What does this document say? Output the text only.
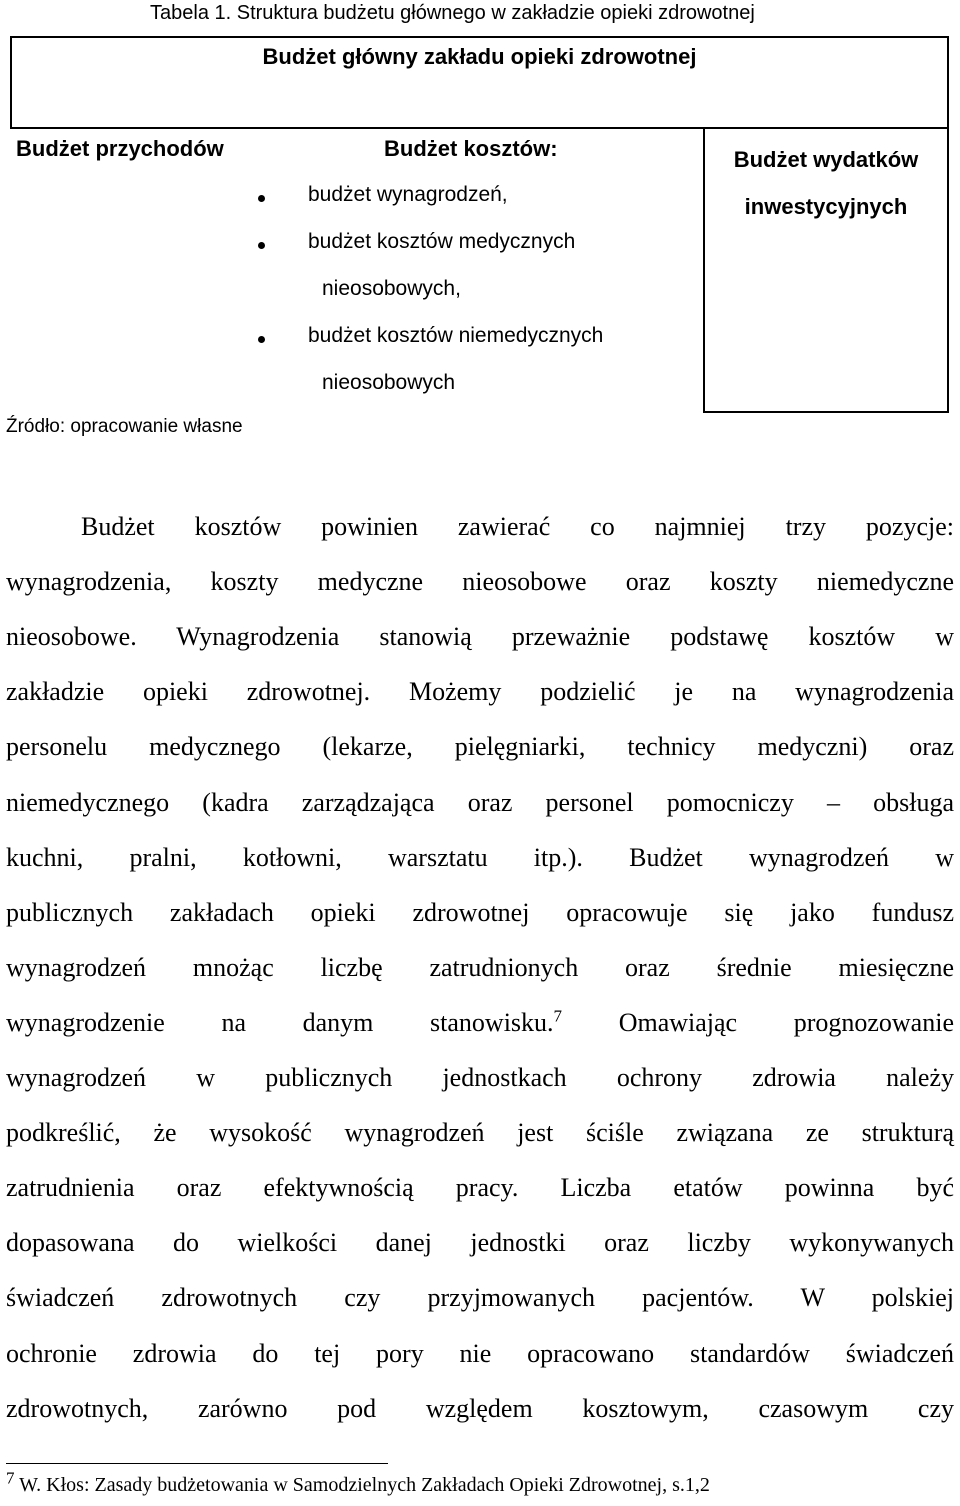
Tabela 1. Struktura budżetu głównego w zakładzie opieki zdrowotnej
Budżet główny zakładu opieki zdrowotnej
Budżet przychodów	Budżet kosztów:
budżet wynagrodzeń,
budżet kosztów medycznych
nieosobowych,
budżet kosztów niemedycznych
nieosobowych
Budżet wydatków
inwestycyjnych
Źródło: opracowanie własne
Budżet kosztów powinien zawierać co najmniej trzy pozycje:
wynagrodzenia, koszty medyczne nieosobowe oraz koszty niemedyczne
nieosobowe. Wynagrodzenia stanowią przeważnie podstawę kosztów w
zakładzie opieki zdrowotnej. Możemy podzielić je na wynagrodzenia
personelu medycznego (lekarze, pielęgniarki, technicy medyczni) oraz
niemedycznego (kadra zarządzająca oraz personel pomocniczy – obsługa
kuchni, pralni, kotłowni, warsztatu itp.). Budżet wynagrodzeń w
publicznych zakładach opieki zdrowotnej opracowuje się jako fundusz
wynagrodzeń mnożąc liczbę zatrudnionych oraz średnie miesięczne
wynagrodzenie na danym stanowisku.$^7$ Omawiając prognozowanie
wynagrodzeń w publicznych jednostkach ochrony zdrowia należy
podkreślić, że wysokość wynagrodzeń jest ściśle związana ze strukturą
zatrudnienia oraz efektywnością pracy. Liczba etatów powinna być
dopasowana do wielkości danej jednostki oraz liczby wykonywanych
świadczeń zdrowotnych czy przyjmowanych pacjentów. W polskiej
ochronie zdrowia do tej pory nie opracowano standardów świadczeń
zdrowotnych, zarówno pod względem kosztowym, czasowym czy
$^7$ W. Kłos: Zasady budżetowania w Samodzielnych Zakładach Opieki Zdrowotnej, s.1,2
